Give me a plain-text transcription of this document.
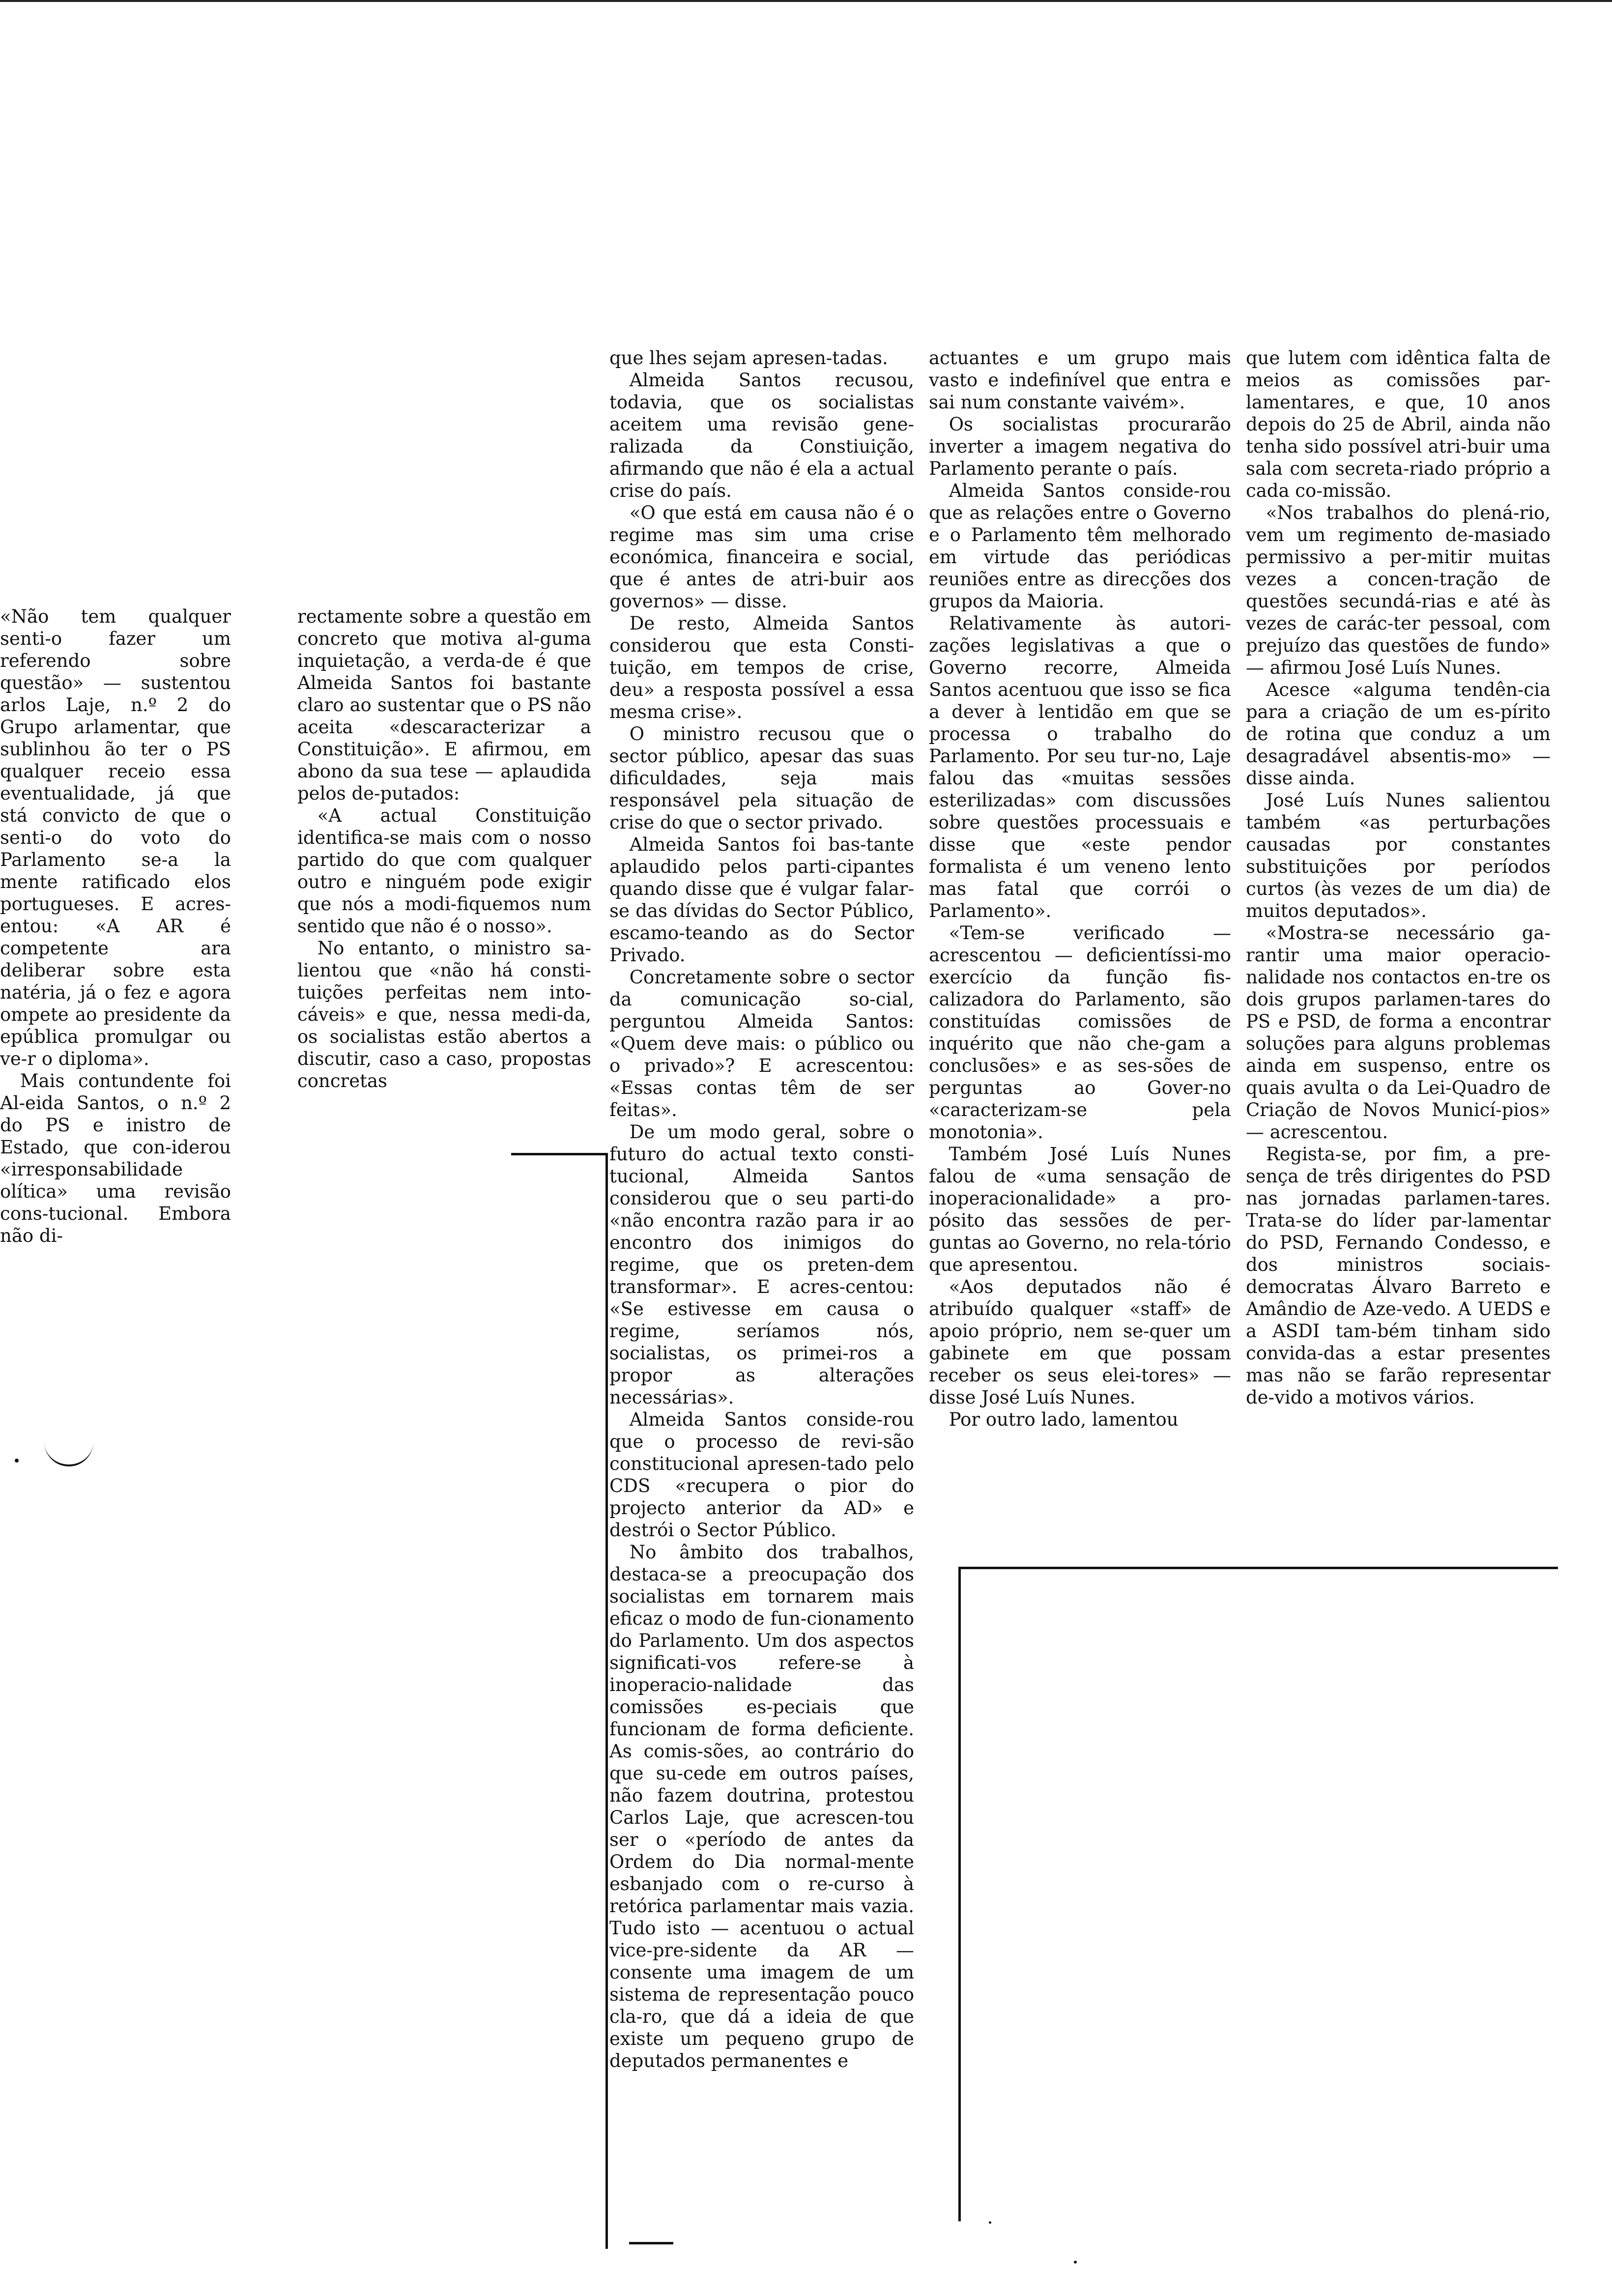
«Não tem qualquer senti-o fazer um referendo sobre questão» — sustentou arlos Laje, n.º 2 do Grupo arlamentar, que sublinhou ão ter o PS qualquer receio essa eventualidade, já que stá convicto de que o senti-o do voto do Parlamento se-a la mente ratificado elos portugueses. E acres-entou: «A AR é competente ara deliberar sobre esta natéria, já o fez e agora ompete ao presidente da epública promulgar ou ve-r o diploma».

Mais contundente foi Al-eida Santos, o n.º 2 do PS e inistro de Estado, que con-iderou «irresponsabilidade olítica» uma revisão cons-tucional. Embora não di-

rectamente sobre a questão em concreto que motiva al-guma inquietação, a verda-de é que Almeida Santos foi bastante claro ao sustentar que o PS não aceita «descaracterizar a Constituição». E afirmou, em abono da sua tese — aplaudida pelos de-putados:

«A actual Constituição identifica-se mais com o nosso partido do que com qualquer outro e ninguém pode exigir que nós a modi-fiquemos num sentido que não é o nosso».

No entanto, o ministro sa-lientou que «não há consti-tuições perfeitas nem into-cáveis» e que, nessa medi-da, os socialistas estão abertos a discutir, caso a caso, propostas concretas

que lhes sejam apresen-tadas.

Almeida Santos recusou, todavia, que os socialistas aceitem uma revisão gene-ralizada da Constiuição, afirmando que não é ela a actual crise do país.

«O que está em causa não é o regime mas sim uma crise económica, financeira e social, que é antes de atri-buir aos governos» — disse.

De resto, Almeida Santos considerou que esta Consti-tuição, em tempos de crise, deu» a resposta possível a essa mesma crise».

O ministro recusou que o sector público, apesar das suas dificuldades, seja mais responsável pela situação de crise do que o sector privado.

Almeida Santos foi bas-tante aplaudido pelos parti-cipantes quando disse que é vulgar falar-se das dívidas do Sector Público, escamo-teando as do Sector Privado.

Concretamente sobre o sector da comunicação so-cial, perguntou Almeida Santos: «Quem deve mais: o público ou o privado»? E acrescentou: «Essas contas têm de ser feitas».

De um modo geral, sobre o futuro do actual texto consti-tucional, Almeida Santos considerou que o seu parti-do «não encontra razão para ir ao encontro dos inimigos do regime, que os preten-dem transformar». E acres-centou: «Se estivesse em causa o regime, seríamos nós, socialistas, os primei-ros a propor as alterações necessárias».

Almeida Santos conside-rou que o processo de revi-são constitucional apresen-tado pelo CDS «recupera o pior do projecto anterior da AD» e destrói o Sector Público.

No âmbito dos trabalhos, destaca-se a preocupação dos socialistas em tornarem mais eficaz o modo de fun-cionamento do Parlamento. Um dos aspectos significati-vos refere-se à inoperacio-nalidade das comissões es-peciais que funcionam de forma deficiente. As comis-sões, ao contrário do que su-cede em outros países, não fazem doutrina, protestou Carlos Laje, que acrescen-tou ser o «período de antes da Ordem do Dia normal-mente esbanjado com o re-curso à retórica parlamentar mais vazia. Tudo isto — acentuou o actual vice-pre-sidente da AR — consente uma imagem de um sistema de representação pouco cla-ro, que dá a ideia de que existe um pequeno grupo de deputados permanentes e

actuantes e um grupo mais vasto e indefinível que entra e sai num constante vaivém».

Os socialistas procurarão inverter a imagem negativa do Parlamento perante o país.

Almeida Santos conside-rou que as relações entre o Governo e o Parlamento têm melhorado em virtude das periódicas reuniões entre as direcções dos grupos da Maioria.

Relativamente às autori-zações legislativas a que o Governo recorre, Almeida Santos acentuou que isso se fica a dever à lentidão em que se processa o trabalho do Parlamento. Por seu tur-no, Laje falou das «muitas sessões esterilizadas» com discussões sobre questões processuais e disse que «este pendor formalista é um veneno lento mas fatal que corrói o Parlamento».

«Tem-se verificado — acrescentou — deficientíssi-mo exercício da função fis-calizadora do Parlamento, são constituídas comissões de inquérito que não che-gam a conclusões» e as ses-sões de perguntas ao Gover-no «caracterizam-se pela monotonia».

Também José Luís Nunes falou de «uma sensação de inoperacionalidade» a pro-pósito das sessões de per-guntas ao Governo, no rela-tório que apresentou.

«Aos deputados não é atribuído qualquer «staff» de apoio próprio, nem se-quer um gabinete em que possam receber os seus elei-tores» — disse José Luís Nunes.

Por outro lado, lamentou

que lutem com idêntica falta de meios as comissões par-lamentares, e que, 10 anos depois do 25 de Abril, ainda não tenha sido possível atri-buir uma sala com secreta-riado próprio a cada co-missão.

«Nos trabalhos do plená-rio, vem um regimento de-masiado permissivo a per-mitir muitas vezes a concen-tração de questões secundá-rias e até às vezes de carác-ter pessoal, com prejuízo das questões de fundo» — afirmou José Luís Nunes.

Acesce «alguma tendên-cia para a criação de um es-pírito de rotina que conduz a um desagradável absentis-mo» — disse ainda.

José Luís Nunes salientou também «as perturbações causadas por constantes substituições por períodos curtos (às vezes de um dia) de muitos deputados».

«Mostra-se necessário ga-rantir uma maior operacio-nalidade nos contactos en-tre os dois grupos parlamen-tares do PS e PSD, de forma a encontrar soluções para alguns problemas ainda em suspenso, entre os quais avulta o da Lei-Quadro de Criação de Novos Municí-pios» — acrescentou.

Regista-se, por fim, a pre-sença de três dirigentes do PSD nas jornadas parlamen-tares. Trata-se do líder par-lamentar do PSD, Fernando Condesso, e dos ministros sociais-democratas Álvaro Barreto e Amândio de Aze-vedo. A UEDS e a ASDI tam-bém tinham sido convida-das a estar presentes mas não se farão representar de-vido a motivos vários.
